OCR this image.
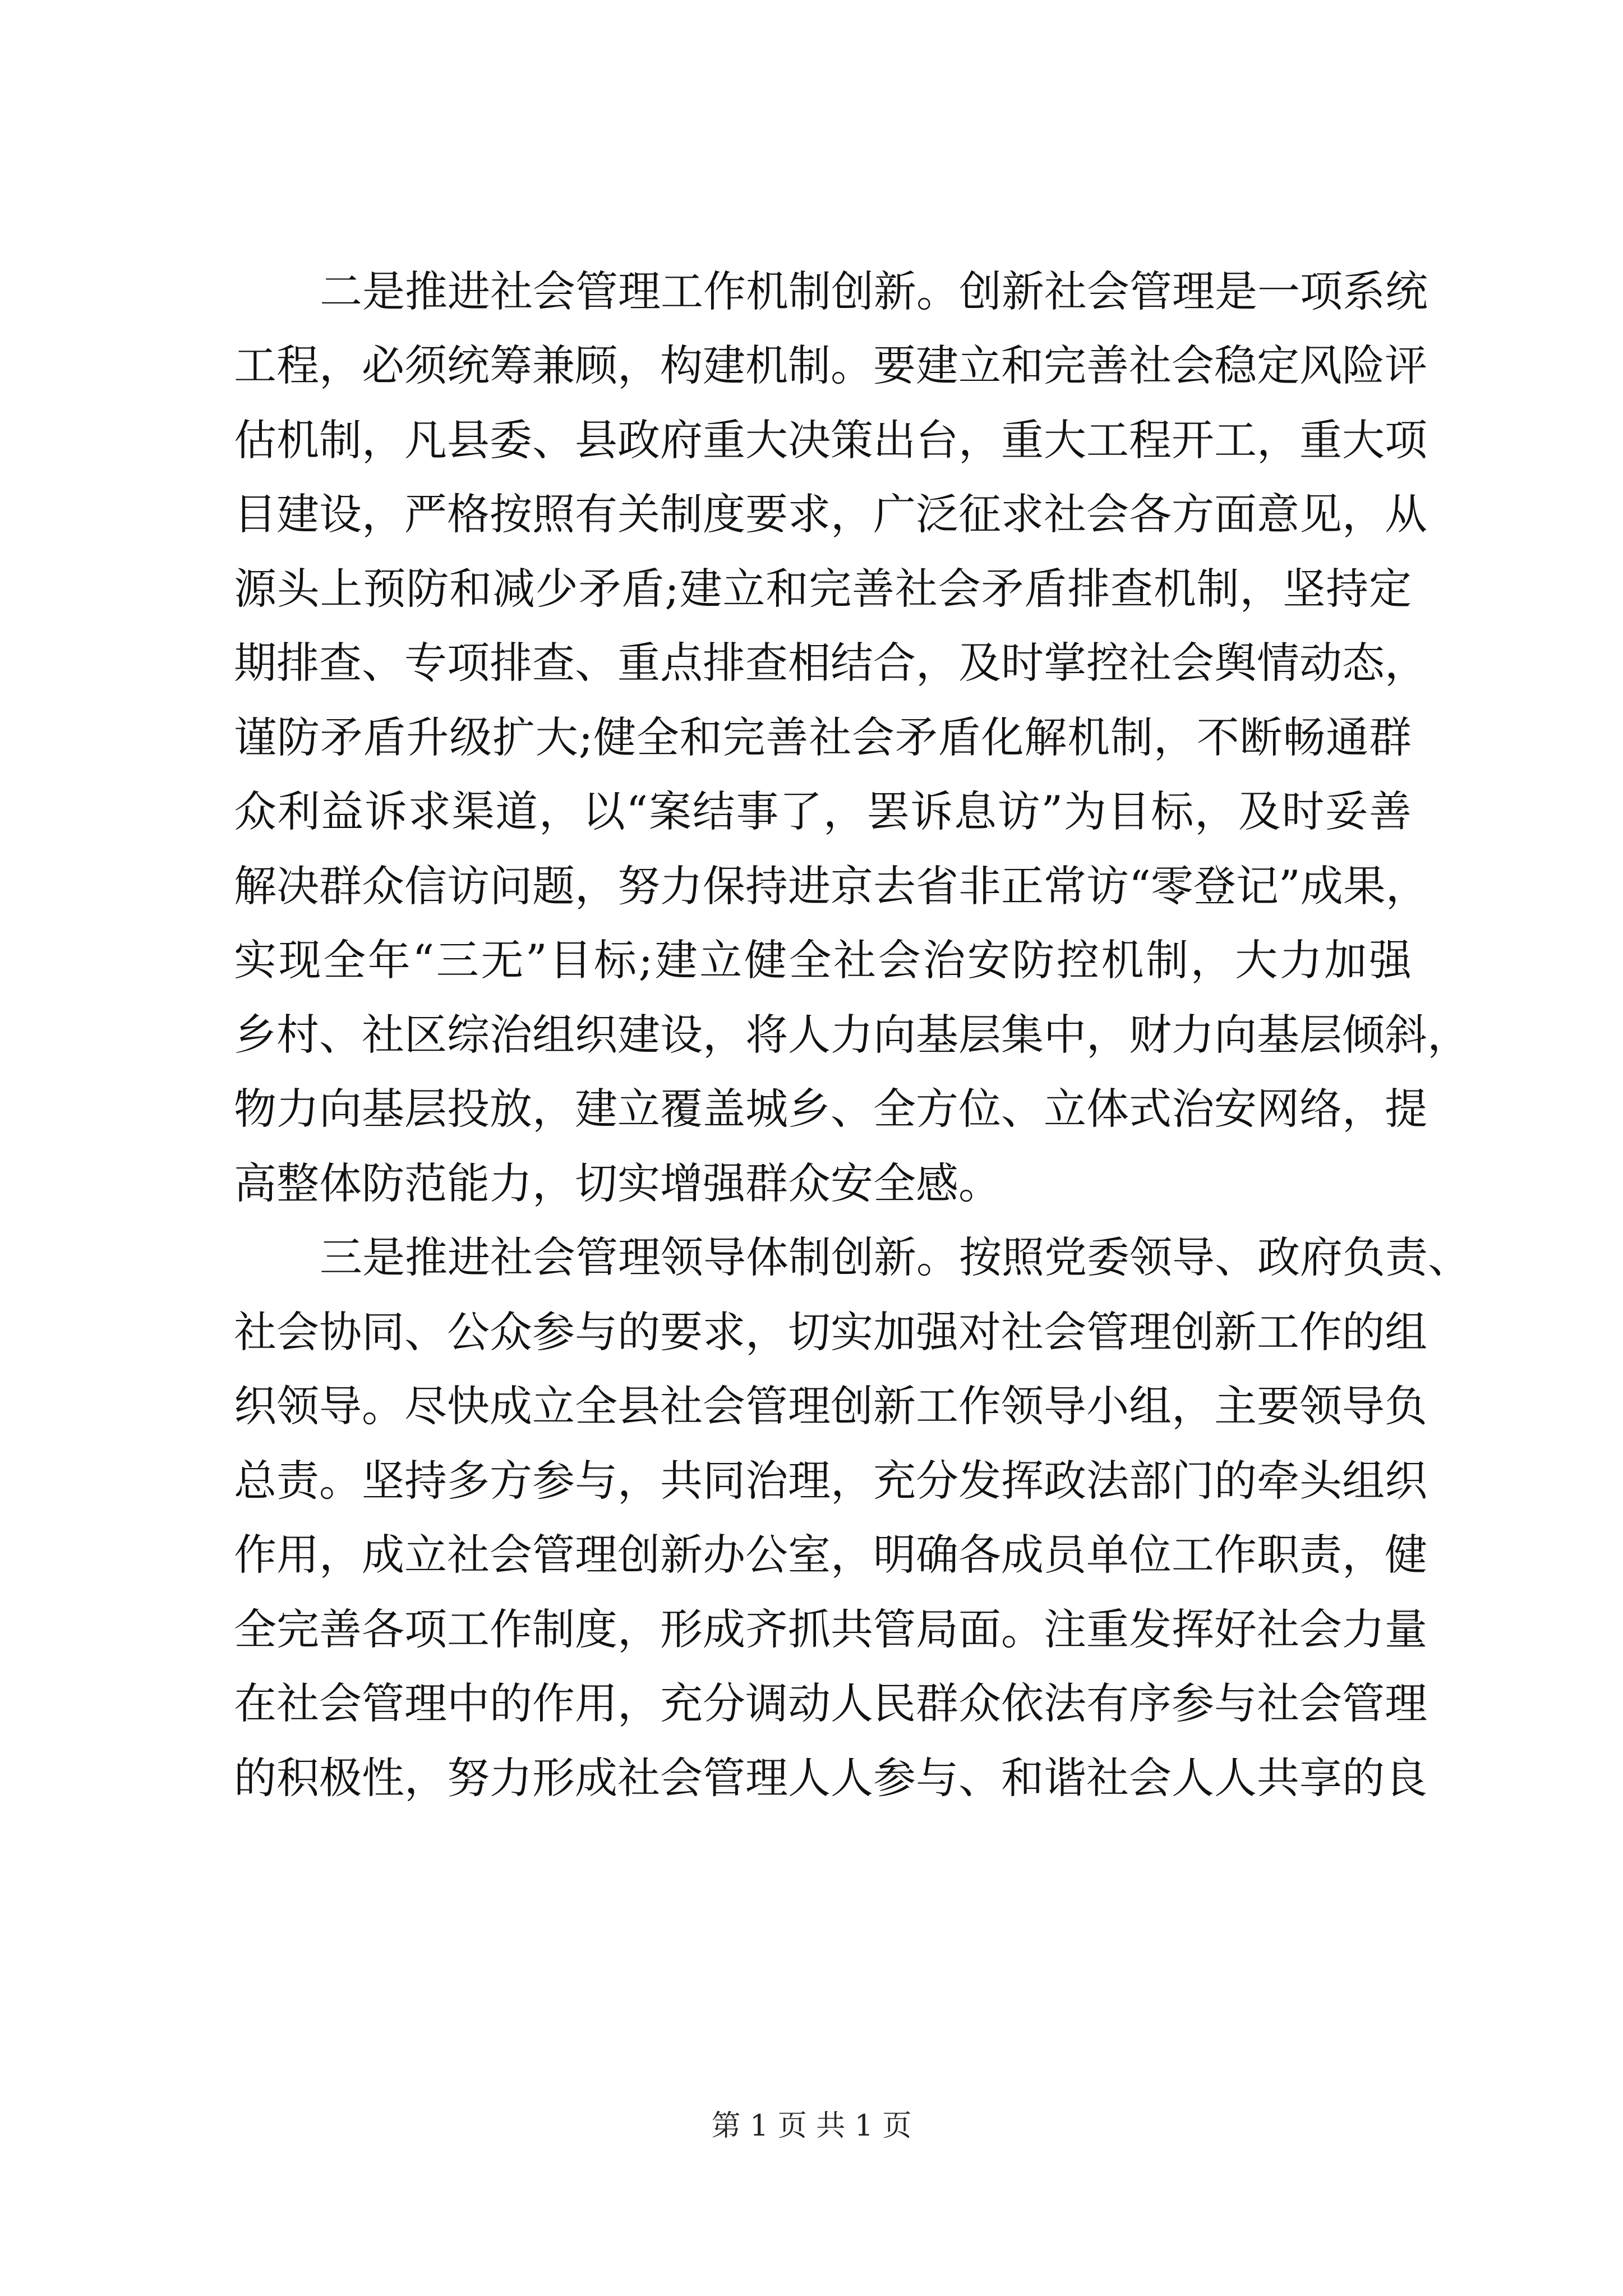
二是推进社会管理工作机制创新。创新社会管理是一项系统
工程，必须统筹兼顾，构建机制。要建立和完善社会稳定风险评
估机制，凡县委、县政府重大决策出台，重大工程开工，重大项
目建设，严格按照有关制度要求，广泛征求社会各方面意见，从
源头上预防和减少矛盾;建立和完善社会矛盾排查机制，坚持定
期排查、专项排查、重点排查相结合，及时掌控社会舆情动态，
谨防矛盾升级扩大;健全和完善社会矛盾化解机制，不断畅通群
众利益诉求渠道，以“案结事了，罢诉息访”为目标，及时妥善
解决群众信访问题，努力保持进京去省非正常访“零登记”成果，
实现全年“三无”目标;建立健全社会治安防控机制，大力加强
乡村、社区综治组织建设，将人力向基层集中，财力向基层倾斜，
物力向基层投放，建立覆盖城乡、全方位、立体式治安网络，提
高整体防范能力，切实增强群众安全感。
三是推进社会管理领导体制创新。按照党委领导、政府负责、
社会协同、公众参与的要求，切实加强对社会管理创新工作的组
织领导。尽快成立全县社会管理创新工作领导小组，主要领导负
总责。坚持多方参与，共同治理，充分发挥政法部门的牵头组织
作用，成立社会管理创新办公室，明确各成员单位工作职责，健
全完善各项工作制度，形成齐抓共管局面。注重发挥好社会力量
在社会管理中的作用，充分调动人民群众依法有序参与社会管理
的积极性，努力形成社会管理人人参与、和谐社会人人共享的良
第 1 页 共 1 页
